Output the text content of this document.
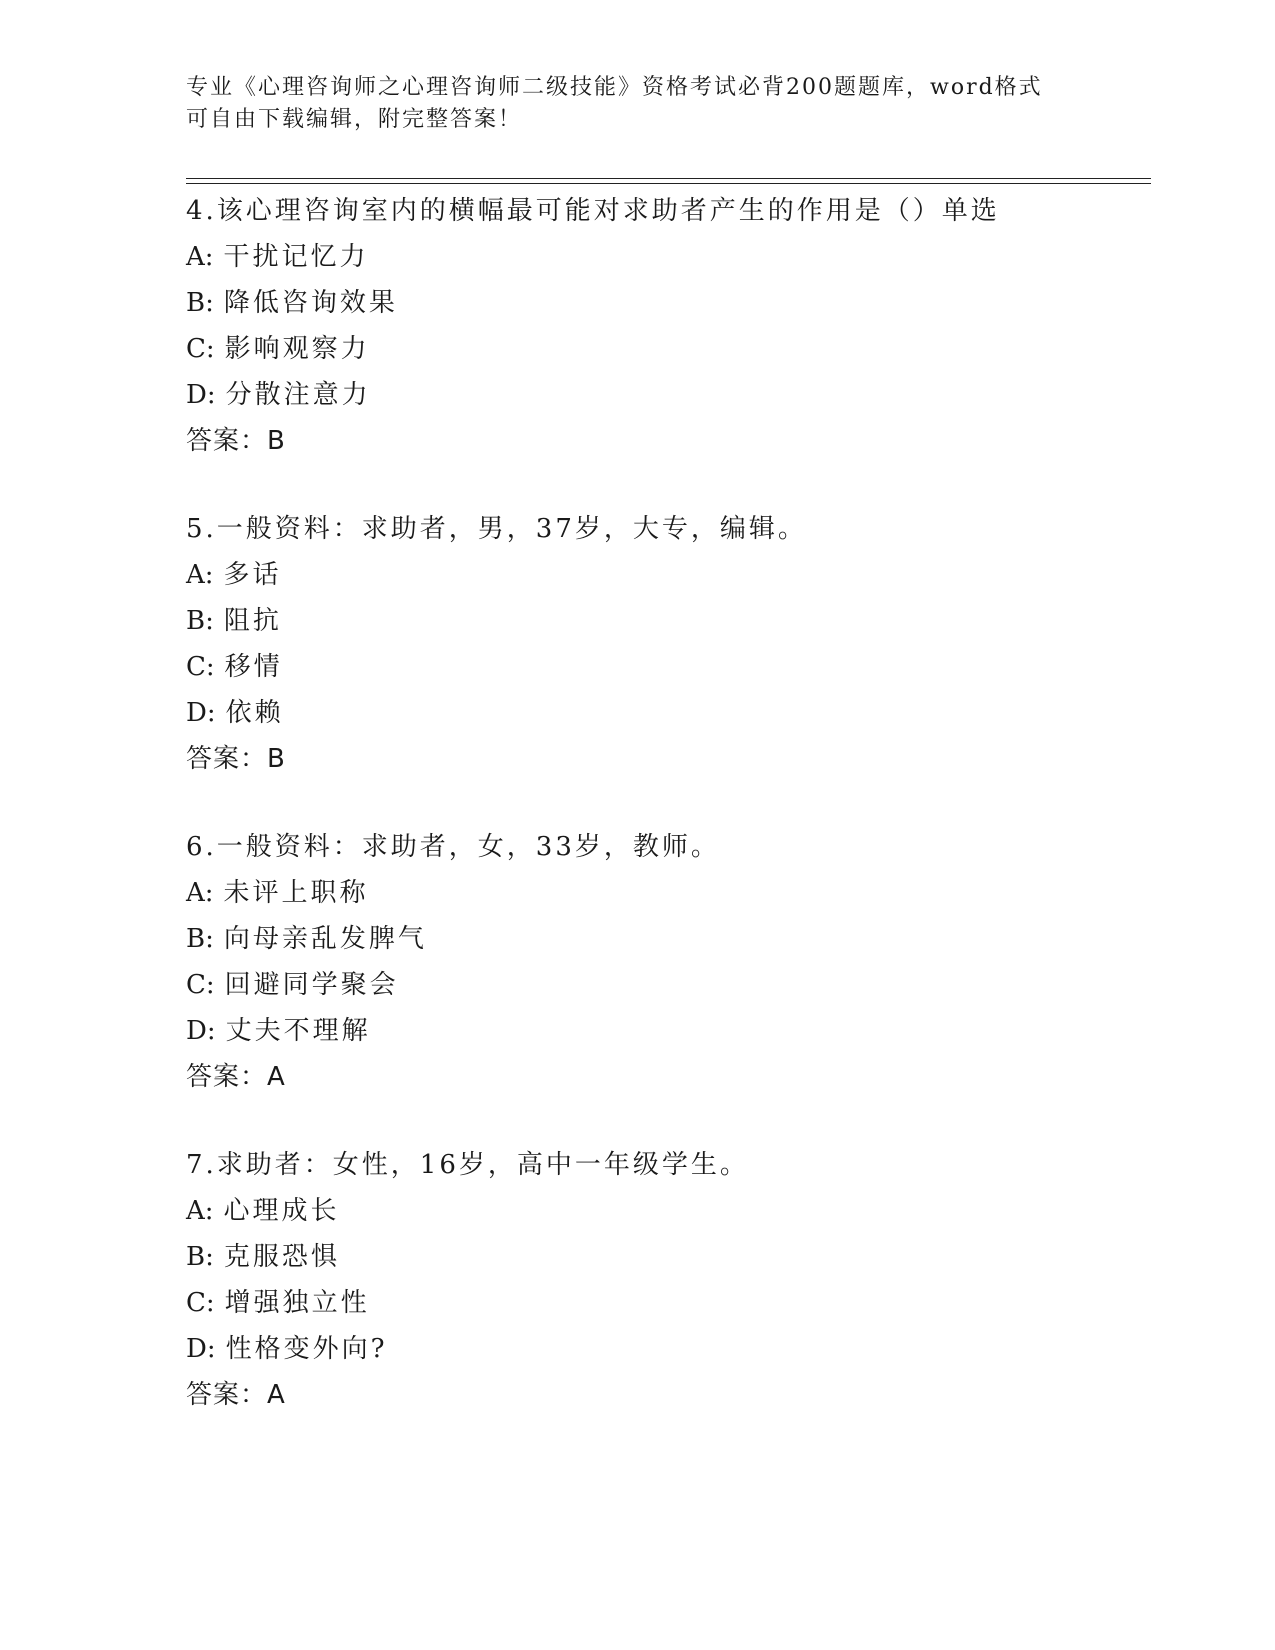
专业《心理咨询师之心理咨询师二级技能》资格考试必背200题题库，word格式
可自由下载编辑，附完整答案！
4.该心理咨询室内的横幅最可能对求助者产生的作用是（）单选
A: 干扰记忆力
B: 降低咨询效果
C: 影响观察力
D: 分散注意力
答案：B
5.一般资料：求助者，男，37岁，大专，编辑。
A: 多话
B: 阻抗
C: 移情
D: 依赖
答案：B
6.一般资料：求助者，女，33岁，教师。
A: 未评上职称
B: 向母亲乱发脾气
C: 回避同学聚会
D: 丈夫不理解
答案：A
7.求助者：女性，16岁，高中一年级学生。
A: 心理成长
B: 克服恐惧
C: 增强独立性
D: 性格变外向?
答案：A
